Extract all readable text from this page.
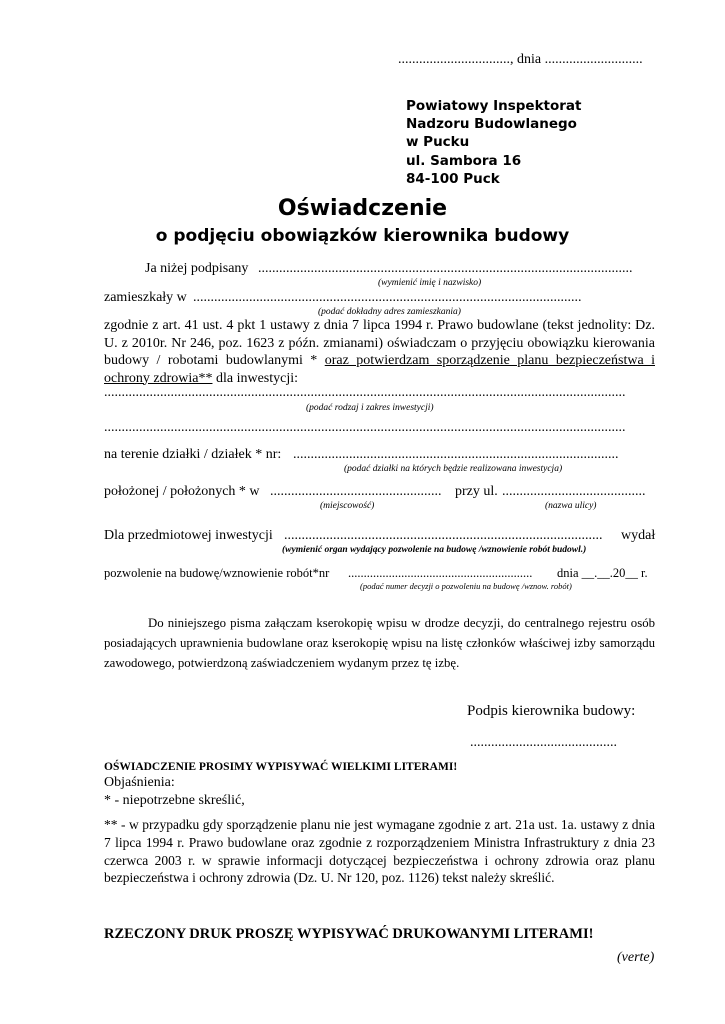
................................, dnia ............................
Powiatowy Inspektorat
Nadzoru Budowlanego
w Pucku
ul. Sambora 16
84-100 Puck
Oświadczenie
o podjęciu obowiązków kierownika budowy
Ja niżej podpisany ...........................................................................................................
(wymienić imię i nazwisko)
zamieszkały w ...............................................................................................................
(podać dokładny adres zamieszkania)
zgodnie z art. 41 ust. 4 pkt 1 ustawy z dnia 7 lipca 1994 r. Prawo budowlane (tekst jednolity: Dz. U. z 2010r. Nr 246, poz. 1623 z późn. zmianami) oświadczam o przyjęciu obowiązku kierowania budowy / robotami budowlanymi * oraz potwierdzam sporządzenie planu bezpieczeństwa i ochrony zdrowia** dla inwestycji:
.....................................................................................................................................................
(podać rodzaj i zakres inwestycji)
.....................................................................................................................................................
na terenie działki / działek * nr: .............................................................................................
(podać działki na których będzie realizowana inwestycja)
położonej / położonych * w ................................................. przy ul. .........................................
(miejscowość)	(nazwa ulicy)
Dla przedmiotowej inwestycji ........................................................................................... wydał
(wymienić organ wydający pozwolenie na budowę /wznowienie robót budowl.)
pozwolenie na budowę/wznowienie robót*nr ........................................................... dnia __.__.20__ r.
(podać numer decyzji o pozwoleniu na budowę /wznow. robót)
Do niniejszego pisma załączam kserokopię wpisu w drodze decyzji, do centralnego rejestru osób posiadających uprawnienia budowlane oraz kserokopię wpisu na listę członków właściwej izby samorządu zawodowego, potwierdzoną zaświadczeniem wydanym przez tę izbę.
Podpis kierownika budowy:
..........................................
OŚWIADCZENIE PROSIMY WYPISYWAĆ WIELKIMI LITERAMI!
Objaśnienia:
* - niepotrzebne skreślić,
** - w przypadku gdy sporządzenie planu nie jest wymagane zgodnie z art. 21a ust. 1a. ustawy z dnia 7 lipca 1994 r. Prawo budowlane oraz zgodnie z rozporządzeniem Ministra Infrastruktury z dnia 23 czerwca 2003 r. w sprawie informacji dotyczącej bezpieczeństwa i ochrony zdrowia oraz planu bezpieczeństwa i ochrony zdrowia (Dz. U. Nr 120, poz. 1126) tekst należy skreślić.
RZECZONY DRUK PROSZĘ WYPISYWAĆ DRUKOWANYMI LITERAMI!
(verte)
